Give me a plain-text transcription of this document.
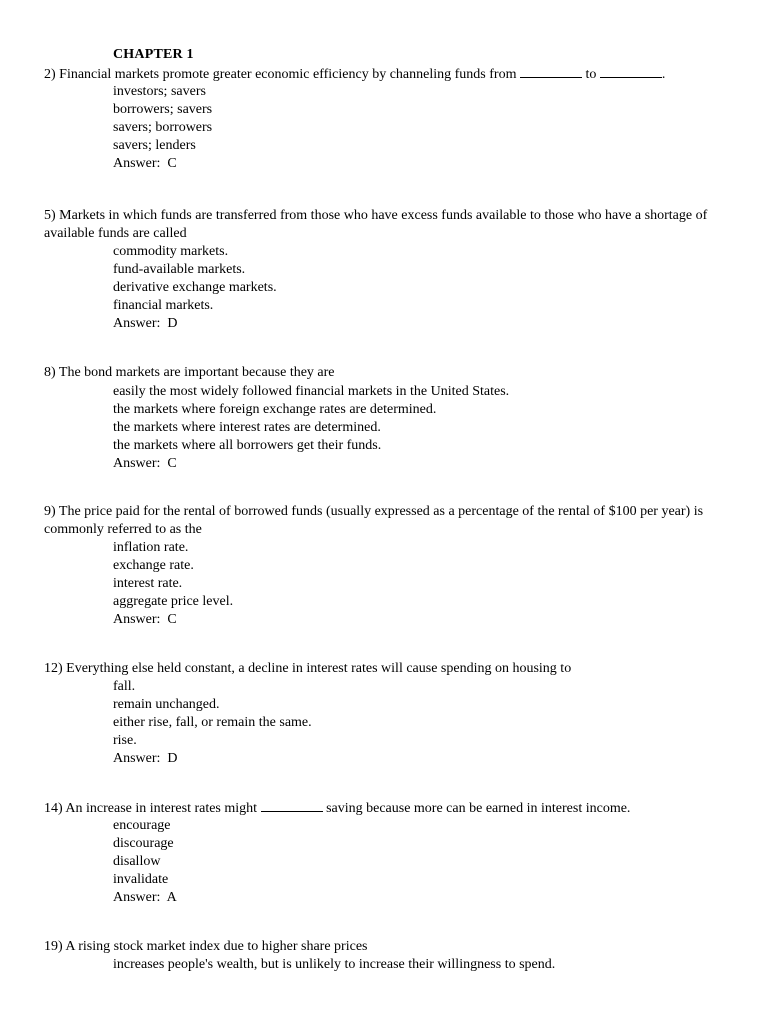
CHAPTER 1
2) Financial markets promote greater economic efficiency by channeling funds from	to	.
investors; savers
borrowers; savers
savers; borrowers
savers; lenders
Answer:  C
5) Markets in which funds are transferred from those who have excess funds available to those who have a shortage of available funds are called
commodity markets.
fund-available markets.
derivative exchange markets.
financial markets.
Answer:  D
8) The bond markets are important because they are
easily the most widely followed financial markets in the United States.
the markets where foreign exchange rates are determined.
the markets where interest rates are determined.
the markets where all borrowers get their funds.
Answer:  C
9) The price paid for the rental of borrowed funds (usually expressed as a percentage of the rental of $100 per year) is commonly referred to as the
inflation rate.
exchange rate.
interest rate.
aggregate price level.
Answer:  C
12) Everything else held constant, a decline in interest rates will cause spending on housing to
fall.
remain unchanged.
either rise, fall, or remain the same.
rise.
Answer:  D
14) An increase in interest rates might	saving because more can be earned in interest income.
encourage
discourage
disallow
invalidate
Answer:  A
19) A rising stock market index due to higher share prices
increases people's wealth, but is unlikely to increase their willingness to spend.
